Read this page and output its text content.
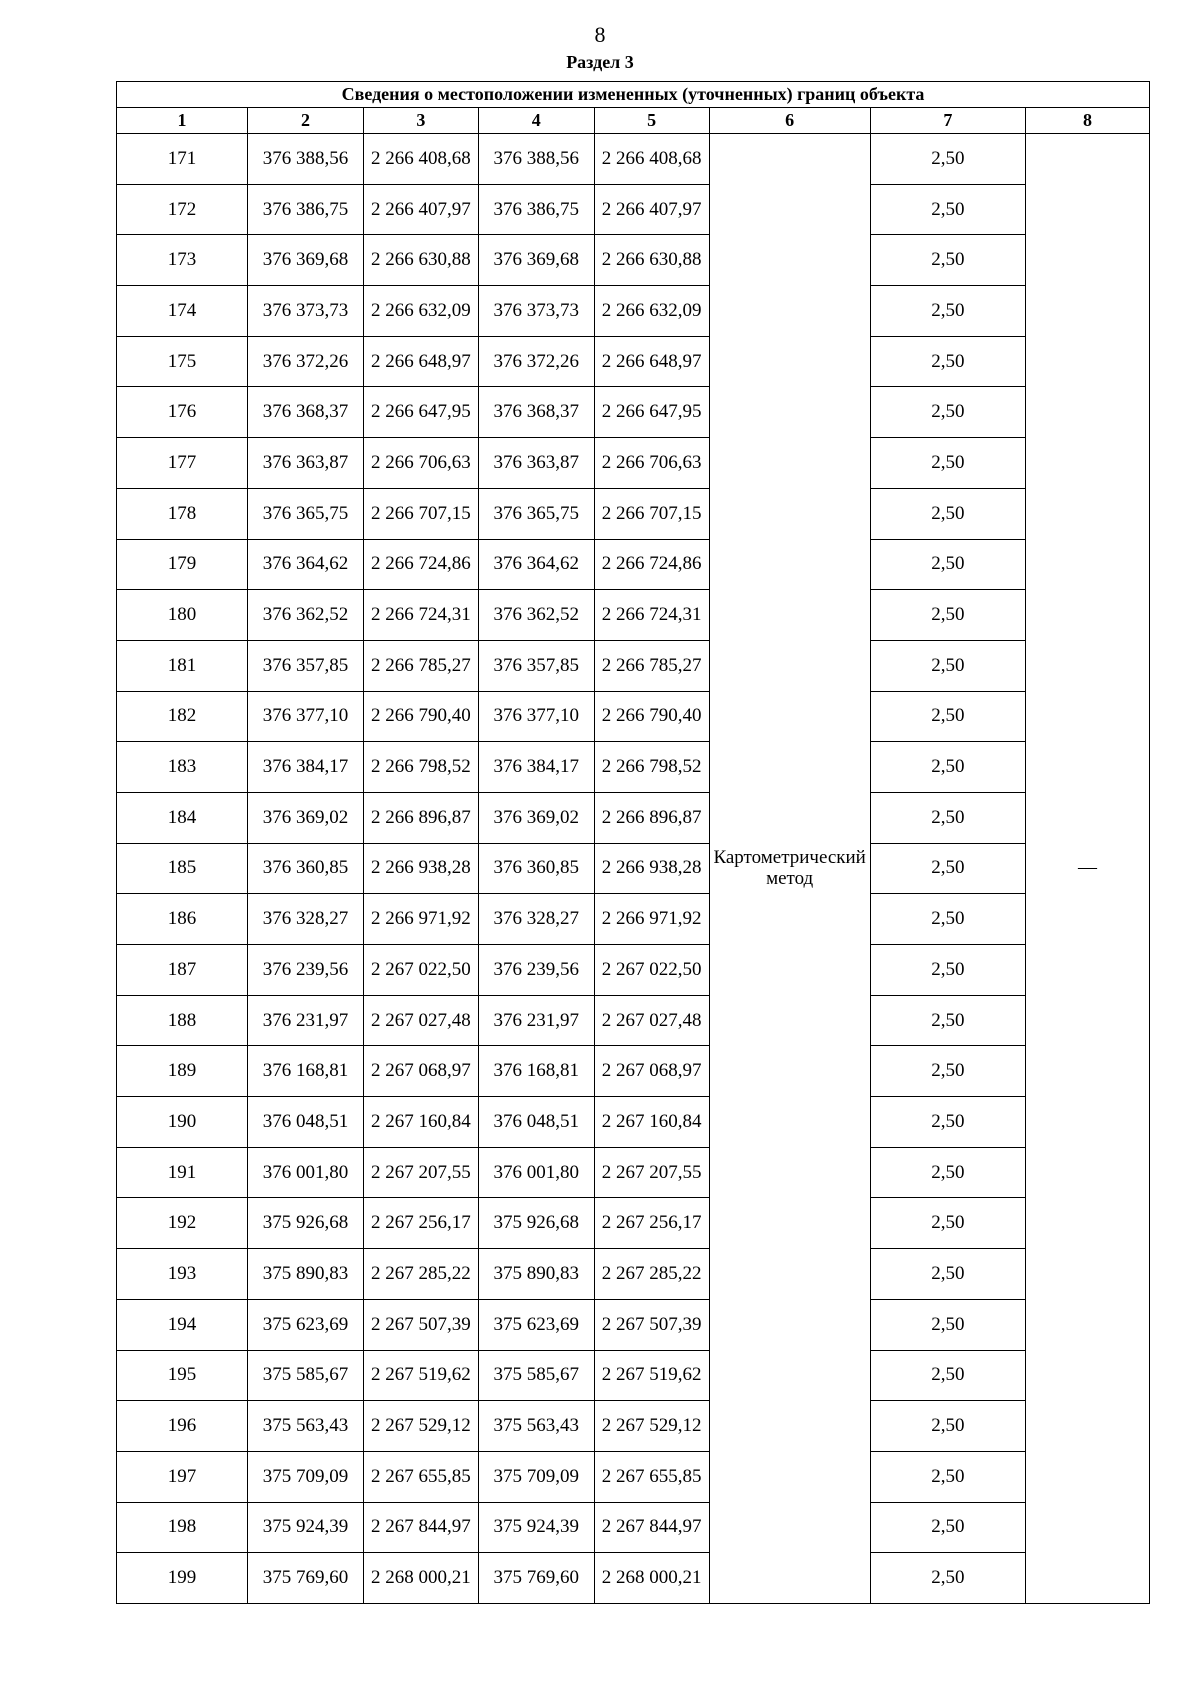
8
Раздел 3
Сведения о местоположении измененных (уточненных) границ объекта							
1	2	3	4	5	6	7	8
171	376 388,56	2 266 408,68	376 388,56	2 266 408,68	Картометрический метод	2,50	—
172	376 386,75	2 266 407,97	376 386,75	2 266 407,97		2,50	
173	376 369,68	2 266 630,88	376 369,68	2 266 630,88		2,50	
174	376 373,73	2 266 632,09	376 373,73	2 266 632,09		2,50	
175	376 372,26	2 266 648,97	376 372,26	2 266 648,97		2,50	
176	376 368,37	2 266 647,95	376 368,37	2 266 647,95		2,50	
177	376 363,87	2 266 706,63	376 363,87	2 266 706,63		2,50	
178	376 365,75	2 266 707,15	376 365,75	2 266 707,15		2,50	
179	376 364,62	2 266 724,86	376 364,62	2 266 724,86		2,50	
180	376 362,52	2 266 724,31	376 362,52	2 266 724,31		2,50	
181	376 357,85	2 266 785,27	376 357,85	2 266 785,27		2,50	
182	376 377,10	2 266 790,40	376 377,10	2 266 790,40		2,50	
183	376 384,17	2 266 798,52	376 384,17	2 266 798,52		2,50	
184	376 369,02	2 266 896,87	376 369,02	2 266 896,87		2,50	
185	376 360,85	2 266 938,28	376 360,85	2 266 938,28		2,50	
186	376 328,27	2 266 971,92	376 328,27	2 266 971,92		2,50	
187	376 239,56	2 267 022,50	376 239,56	2 267 022,50		2,50	
188	376 231,97	2 267 027,48	376 231,97	2 267 027,48		2,50	
189	376 168,81	2 267 068,97	376 168,81	2 267 068,97		2,50	
190	376 048,51	2 267 160,84	376 048,51	2 267 160,84		2,50	
191	376 001,80	2 267 207,55	376 001,80	2 267 207,55		2,50	
192	375 926,68	2 267 256,17	375 926,68	2 267 256,17		2,50	
193	375 890,83	2 267 285,22	375 890,83	2 267 285,22		2,50	
194	375 623,69	2 267 507,39	375 623,69	2 267 507,39		2,50	
195	375 585,67	2 267 519,62	375 585,67	2 267 519,62		2,50	
196	375 563,43	2 267 529,12	375 563,43	2 267 529,12		2,50	
197	375 709,09	2 267 655,85	375 709,09	2 267 655,85		2,50	
198	375 924,39	2 267 844,97	375 924,39	2 267 844,97		2,50	
199	375 769,60	2 268 000,21	375 769,60	2 268 000,21		2,50	
